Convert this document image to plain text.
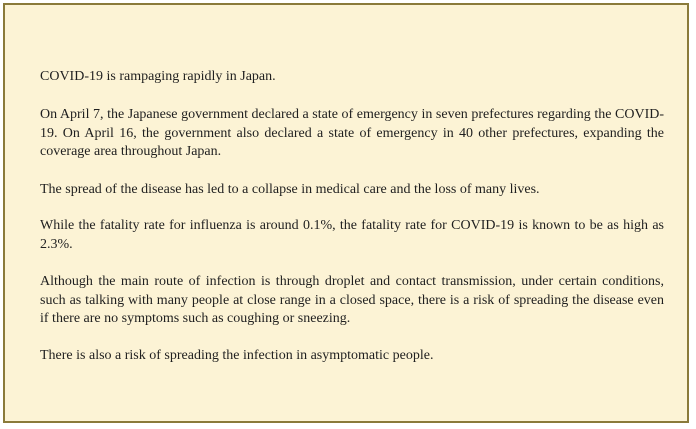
COVID-19 is rampaging rapidly in Japan.

On April 7, the Japanese government declared a state of emergency in seven prefectures regarding the COVID-19. On April 16, the government also declared a state of emergency in 40 other prefectures, expanding the coverage area throughout Japan.

The spread of the disease has led to a collapse in medical care and the loss of many lives.

While the fatality rate for influenza is around 0.1%, the fatality rate for COVID-19 is known to be as high as 2.3%.

Although the main route of infection is through droplet and contact transmission, under certain conditions, such as talking with many people at close range in a closed space, there is a risk of spreading the disease even if there are no symptoms such as coughing or sneezing.

There is also a risk of spreading the infection in asymptomatic people.
